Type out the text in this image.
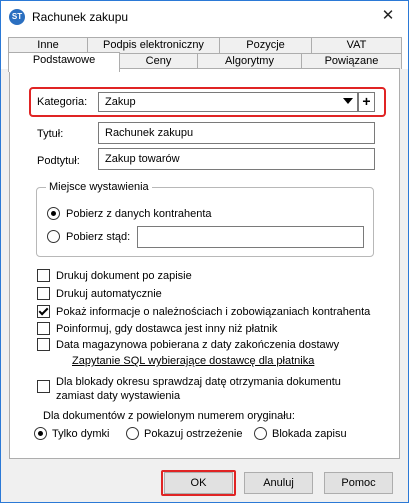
ST Rachunek zakupu	✕
Inne	Podpis elektroniczny	Pozycje	VAT
Podstawowe	Ceny	Algorytmy	Powiązane
Kategoria: Zakup	+
Tytuł:	Rachunek zakupu
Podtytuł:	Zakup towarów
Miejsce wystawienia
Pobierz z danych kontrahenta
Pobierz stąd:
Drukuj dokument po zapisie
Drukuj automatycznie
Pokaż informacje o należnościach i zobowiązaniach kontrahenta
Poinformuj, gdy dostawca jest inny niż płatnik
Data magazynowa pobierana z daty zakończenia dostawy
Zapytanie SQL wybierające dostawcę dla płatnika
Dla blokady okresu sprawdzaj datę otrzymania dokumentu
zamiast daty wystawienia
Dla dokumentów z powielonym numerem oryginału:
Tylko dymki	Pokazuj ostrzeżenie	Blokada zapisu
OK	Anuluj	Pomoc
